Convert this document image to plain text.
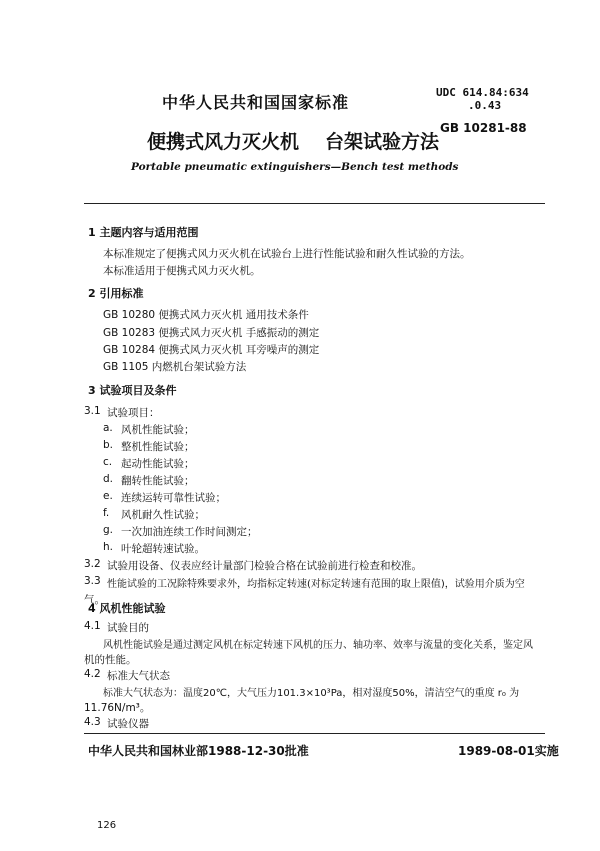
中华人民共和国国家标准
UDC 614.84:634
.0.43
便携式风力灭火机 台架试验方法
GB 10281-88
Portable pneumatic extinguishers—Bench test methods
1 主题内容与适用范围
本标准规定了便携式风力灭火机在试验台上进行性能试验和耐久性试验的方法。
本标准适用于便携式风力灭火机。
2 引用标准
GB 10280 便携式风力灭火机 通用技术条件
GB 10283 便携式风力灭火机 手感振动的测定
GB 10284 便携式风力灭火机 耳旁噪声的测定
GB 1105 内燃机台架试验方法
3 试验项目及条件
3.1 试验项目：
a. 风机性能试验；
b. 整机性能试验；
c. 起动性能试验；
d. 翻转性能试验；
e. 连续运转可靠性试验；
f. 风机耐久性试验；
g. 一次加油连续工作时间测定；
h. 叶轮超转速试验。
3.2 试验用设备、仪表应经计量部门检验合格在试验前进行检查和校准。
3.3 性能试验的工况除特殊要求外，均指标定转速(对标定转速有范围的取上限值)，试验用介质为空
气。
4 风机性能试验
4.1 试验目的
风机性能试验是通过测定风机在标定转速下风机的压力、轴功率、效率与流量的变化关系，鉴定风
机的性能。
4.2 标准大气状态
标准大气状态为：温度20℃，大气压力101.3×10³Pa，相对湿度50%，清洁空气的重度 r₀ 为
11.76N/m³。
中华人民共和国林业部1988-12-30批准	1989-08-01实施
126
4.3 试验仪器
